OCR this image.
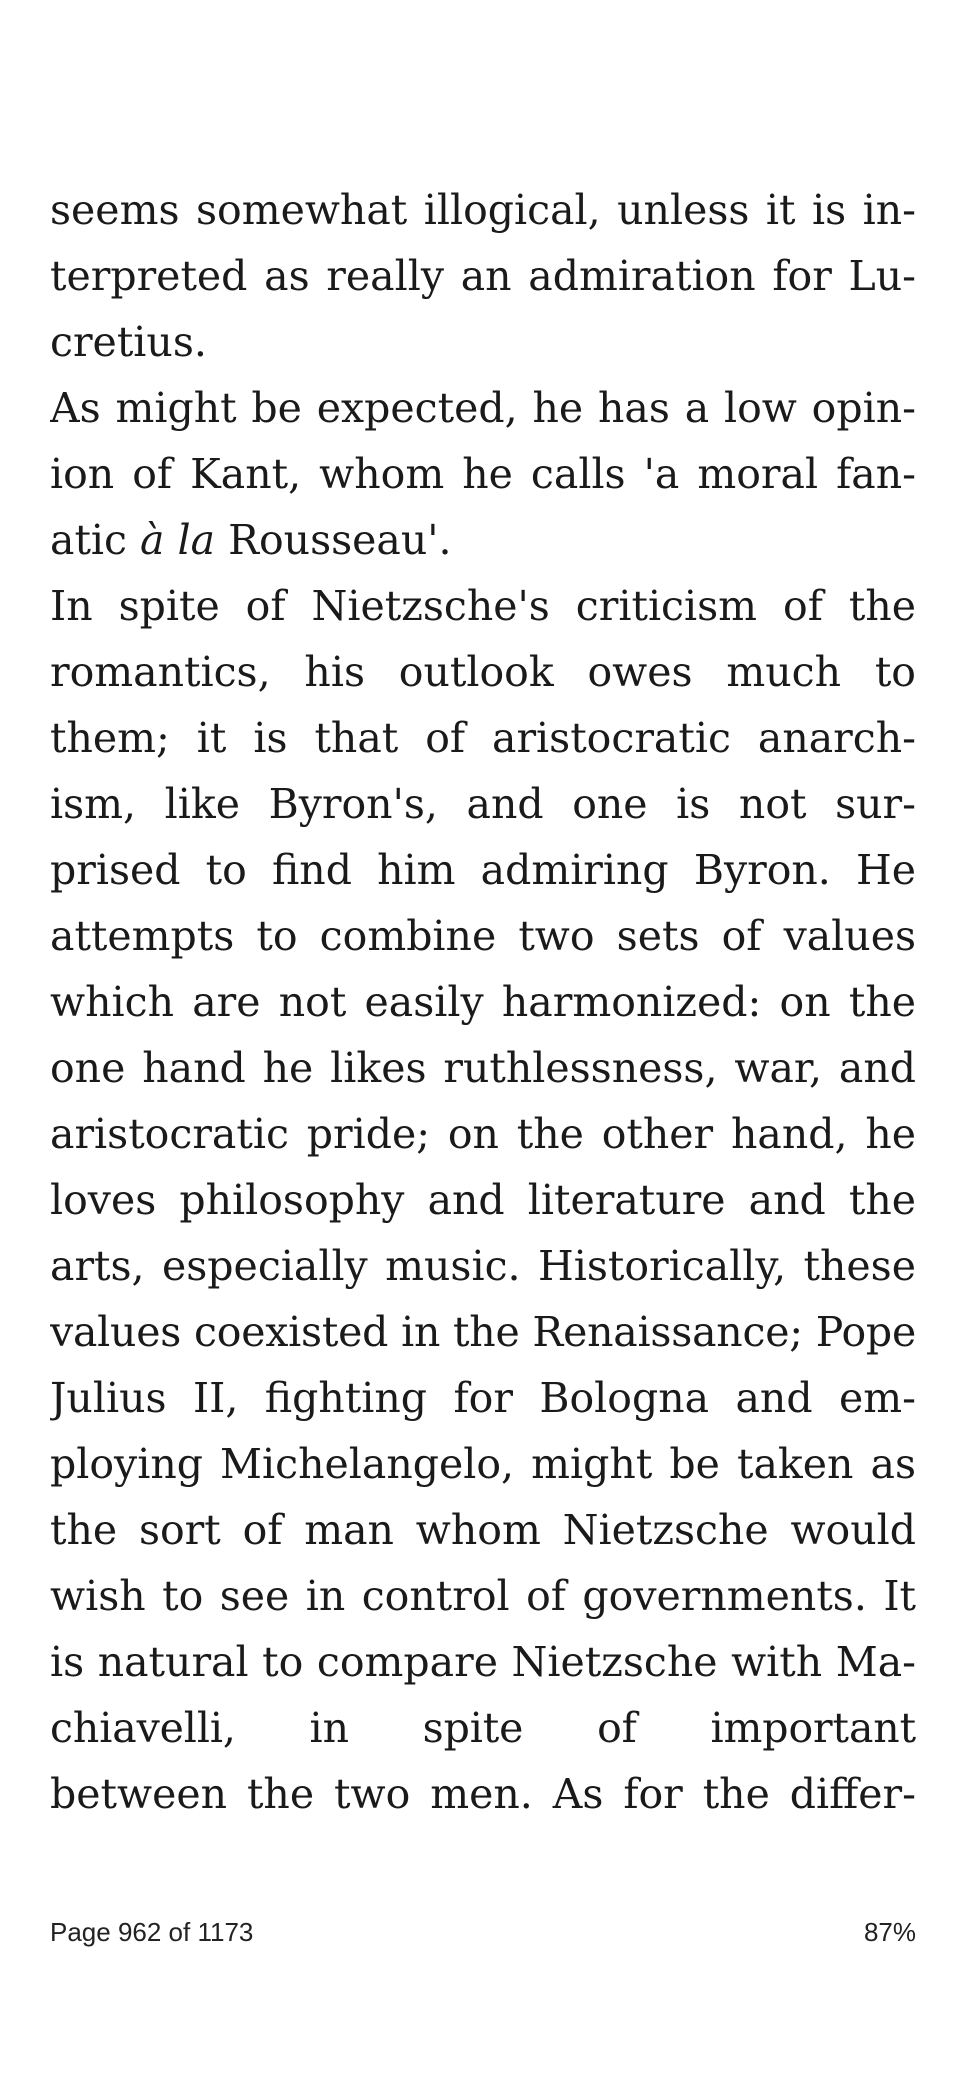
seems somewhat illogical, unless it is in-
terpreted as really an admiration for Lu-
cretius.
As might be expected, he has a low opin-
ion of Kant, whom he calls 'a moral fan-
atic à la Rousseau'.
In spite of Nietzsche's criticism of the
romantics, his outlook owes much to
them; it is that of aristocratic anarch-
ism, like Byron's, and one is not sur-
prised to find him admiring Byron. He
attempts to combine two sets of values
which are not easily harmonized: on the
one hand he likes ruthlessness, war, and
aristocratic pride; on the other hand, he
loves philosophy and literature and the
arts, especially music. Historically, these
values coexisted in the Renaissance; Pope
Julius II, fighting for Bologna and em-
ploying Michelangelo, might be taken as
the sort of man whom Nietzsche would
wish to see in control of governments. It
is natural to compare Nietzsche with Ma-
chiavelli, in spite of important
between the two men. As for the differ-
Page 962 of 1173	87%
